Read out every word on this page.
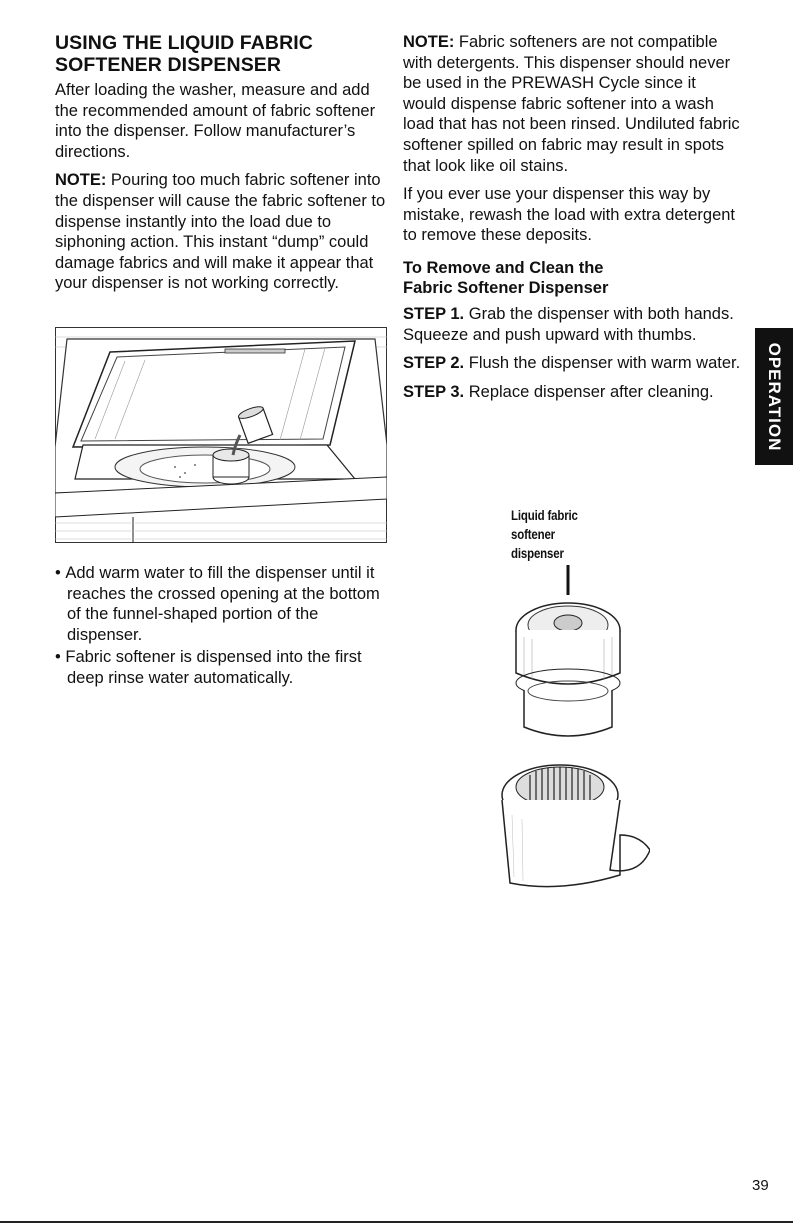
USING THE LIQUID FABRIC
SOFTENER DISPENSER

After loading the washer, measure and add the recommended amount of fabric softener into the dispenser. Follow manufacturer’s directions.

NOTE: Pouring too much fabric softener into the dispenser will cause the fabric softener to dispense instantly into the load due to siphoning action. This instant “dump” could damage fabrics and will make it appear that your dispenser is not working correctly.

• Add warm water to fill the dispenser until it reaches the crossed opening at the bottom of the funnel-shaped portion of the dispenser.
• Fabric softener is dispensed into the first deep rinse water automatically.

NOTE: Fabric softeners are not compatible with detergents. This dispenser should never be used in the PREWASH Cycle since it would dispense fabric softener into a wash load that has not been rinsed. Undiluted fabric softener spilled on fabric may result in spots that look like oil stains.

If you ever use your dispenser this way by mistake, rewash the load with extra detergent to remove these deposits.

To Remove and Clean the
Fabric Softener Dispenser

STEP 1. Grab the dispenser with both hands. Squeeze and push upward with thumbs.

STEP 2. Flush the dispenser with warm water.

STEP 3. Replace dispenser after cleaning.

Liquid fabric
softener
dispenser
OPERATION
39
